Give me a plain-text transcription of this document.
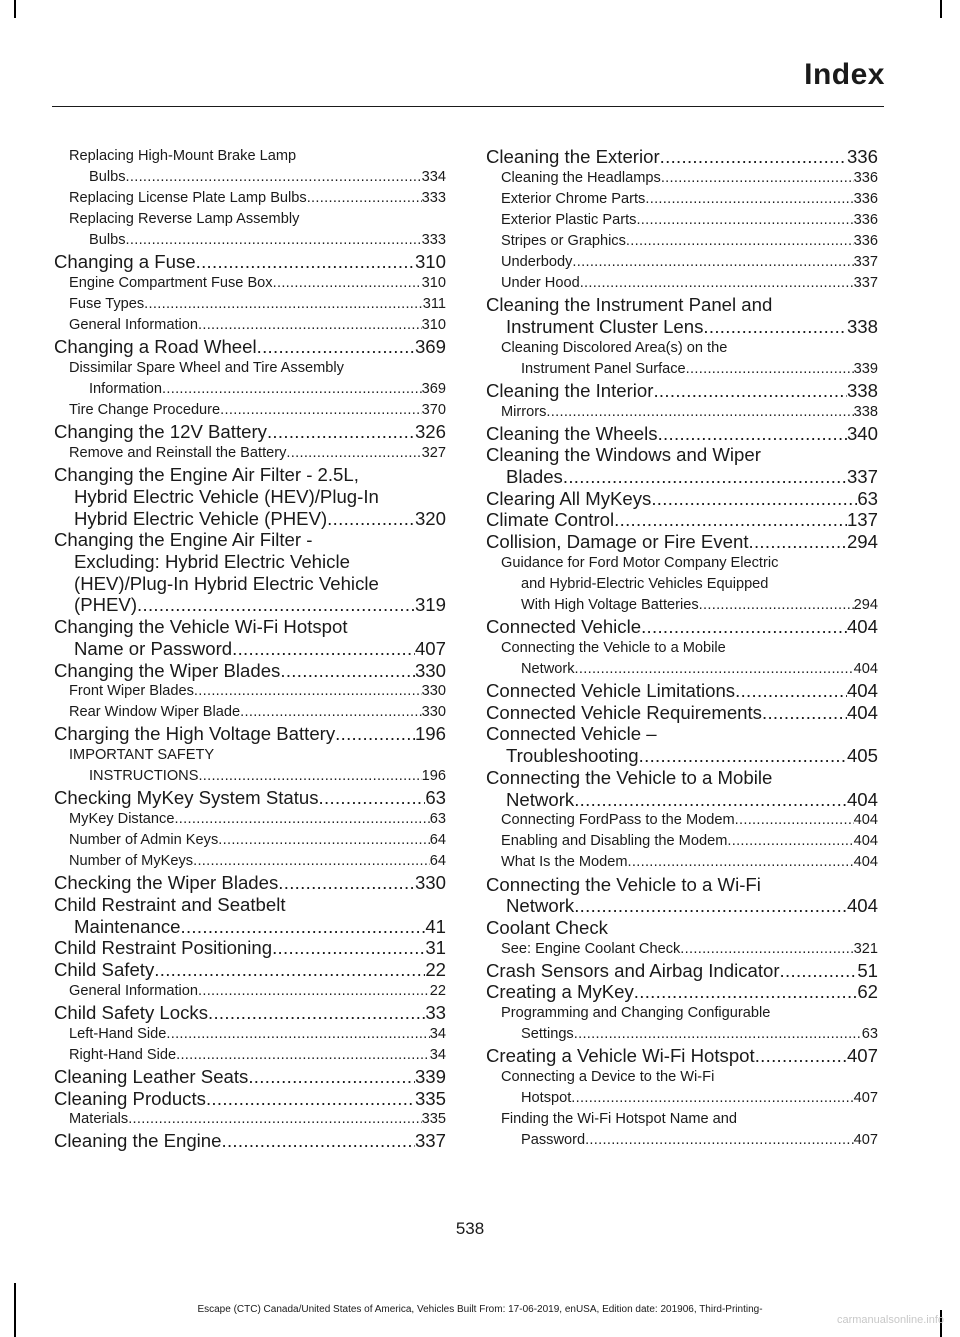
Index
Replacing High-Mount Brake Lamp
Bulbs .....	334
Replacing License Plate Lamp Bulbs .....	333
Replacing Reverse Lamp Assembly
Bulbs .....	333
Changing a Fuse .....	310
Engine Compartment Fuse Box .....	310
Fuse Types .....	311
General Information .....	310
Changing a Road Wheel .....	369
Dissimilar Spare Wheel and Tire Assembly
Information .....	369
Tire Change Procedure .....	370
Changing the 12V Battery .....	326
Remove and Reinstall the Battery .....	327
Changing the Engine Air Filter - 2.5L,
Hybrid Electric Vehicle (HEV)/Plug-In
Hybrid Electric Vehicle (PHEV) .....	320
Changing the Engine Air Filter -
Excluding: Hybrid Electric Vehicle
(HEV)/Plug-In Hybrid Electric Vehicle
(PHEV) .....	319
Changing the Vehicle Wi-Fi Hotspot
Name or Password .....	407
Changing the Wiper Blades .....	330
Front Wiper Blades .....	330
Rear Window Wiper Blade .....	330
Charging the High Voltage Battery .....	196
IMPORTANT SAFETY
INSTRUCTIONS .....	196
Checking MyKey System Status .....	63
MyKey Distance .....	63
Number of Admin Keys .....	64
Number of MyKeys .....	64
Checking the Wiper Blades .....	330
Child Restraint and Seatbelt
Maintenance .....	41
Child Restraint Positioning .....	31
Child Safety .....	22
General Information .....	22
Child Safety Locks .....	33
Left-Hand Side .....	34
Right-Hand Side .....	34
Cleaning Leather Seats .....	339
Cleaning Products .....	335
Materials .....	335
Cleaning the Engine .....	337
Cleaning the Exterior .....	336
Cleaning the Headlamps .....	336
Exterior Chrome Parts .....	336
Exterior Plastic Parts .....	336
Stripes or Graphics .....	336
Underbody .....	337
Under Hood .....	337
Cleaning the Instrument Panel and
Instrument Cluster Lens .....	338
Cleaning Discolored Area(s) on the
Instrument Panel Surface .....	339
Cleaning the Interior .....	338
Mirrors .....	338
Cleaning the Wheels .....	340
Cleaning the Windows and Wiper
Blades .....	337
Clearing All MyKeys .....	63
Climate Control .....	137
Collision, Damage or Fire Event .....	294
Guidance for Ford Motor Company Electric
and Hybrid-Electric Vehicles Equipped
With High Voltage Batteries .....	294
Connected Vehicle .....	404
Connecting the Vehicle to a Mobile
Network .....	404
Connected Vehicle Limitations .....	404
Connected Vehicle Requirements .....	404
Connected Vehicle –
Troubleshooting .....	405
Connecting the Vehicle to a Mobile
Network .....	404
Connecting FordPass to the Modem .....	404
Enabling and Disabling the Modem .....	404
What Is the Modem .....	404
Connecting the Vehicle to a Wi-Fi
Network .....	404
Coolant Check
See: Engine Coolant Check .....	321
Crash Sensors and Airbag Indicator .....	51
Creating a MyKey .....	62
Programming and Changing Configurable
Settings .....	63
Creating a Vehicle Wi-Fi Hotspot .....	407
Connecting a Device to the Wi-Fi
Hotspot .....	407
Finding the Wi-Fi Hotspot Name and
Password .....	407
538
Escape (CTC) Canada/United States of America, Vehicles Built From: 17-06-2019, enUSA, Edition date: 201906, Third-Printing-
carmanualsonline.info
